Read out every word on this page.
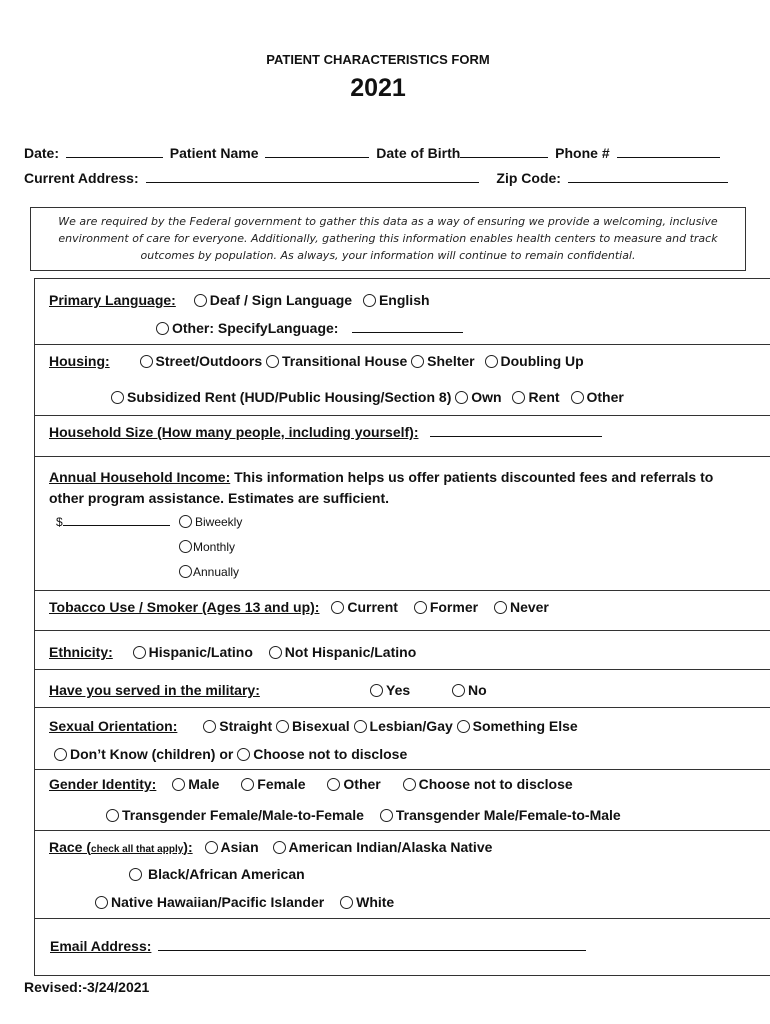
PATIENT CHARACTERISTICS FORM
2021
Date:	Patient Name	Date of Birth	Phone #
Current Address:	Zip Code:
We are required by the Federal government to gather this data as a way of ensuring we provide a welcoming, inclusive environment of care for everyone. Additionally, gathering this information enables health centers to measure and track outcomes by population. As always, your information will continue to remain confidential.
Primary Language: Deaf / Sign Language English
Other: SpecifyLanguage:
Housing:	Street/Outdoors Transitional House Shelter Doubling Up
Subsidized Rent (HUD/Public Housing/Section 8) Own Rent Other
Household Size (How many people, including yourself):
Annual Household Income: This information helps us offer patients discounted fees and referrals to other program assistance. Estimates are sufficient.
$	Biweekly
Monthly
Annually
Tobacco Use / Smoker (Ages 13 and up): Current Former Never
Ethnicity:	Hispanic/Latino Not Hispanic/Latino
Have you served in the military:	Yes	No
Sexual Orientation:	Straight Bisexual Lesbian/Gay Something Else
Don’t Know (children) or Choose not to disclose
Gender Identity: Male	Female	Other	Choose not to disclose
Transgender Female/Male-to-Female Transgender Male/Female-to-Male
Race (check all that apply): Asian American Indian/Alaska Native
Black/African American
Native Hawaiian/Pacific Islander White
Email Address:
Revised:-3/24/2021
